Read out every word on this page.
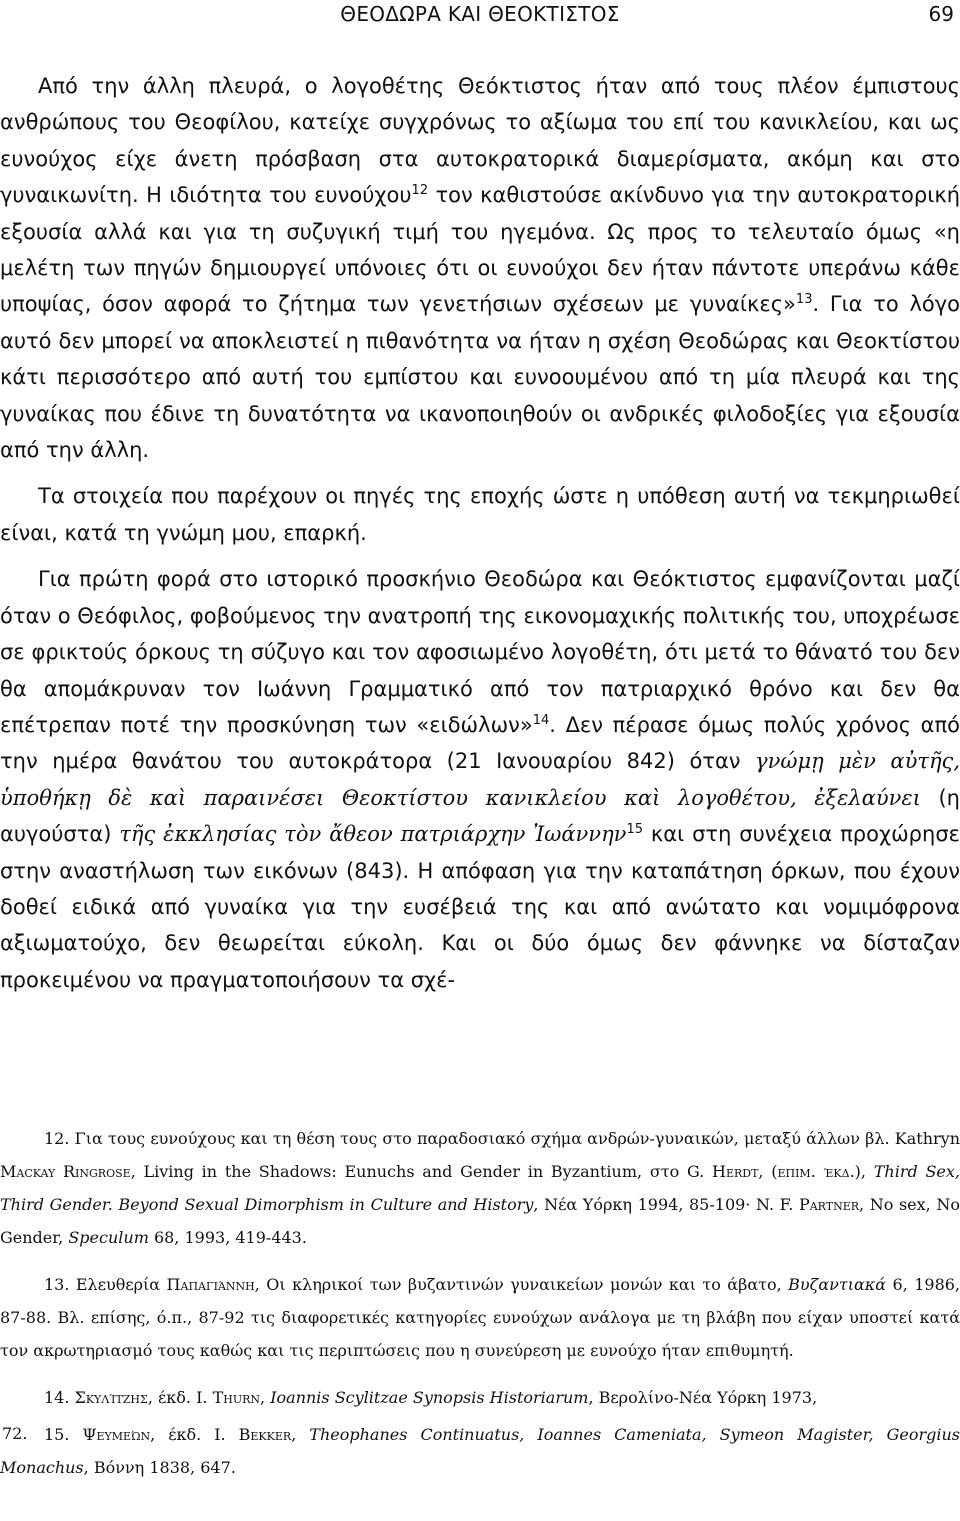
ΘΕΟΔΩΡΑ ΚΑΙ ΘΕΟΚΤΙΣΤΟΣ	69

Από την άλλη πλευρά, ο λογοθέτης Θεόκτιστος ήταν από τους πλέον έμπιστους ανθρώπους του Θεοφίλου, κατείχε συγχρόνως το αξίωμα του επί του κανικλείου, και ως ευνούχος είχε άνετη πρόσβαση στα αυτοκρατορικά διαμερίσματα, ακόμη και στο γυναικωνίτη. Η ιδιότητα του ευνούχου$^{12}$ τον καθιστούσε ακίνδυνο για την αυτοκρατορική εξουσία αλλά και για τη συζυγική τιμή του ηγεμόνα. Ως προς το τελευταίο όμως «η μελέτη των πηγών δημιουργεί υπόνοιες ότι οι ευνούχοι δεν ήταν πάντοτε υπεράνω κάθε υποψίας, όσον αφορά το ζήτημα των γενετήσιων σχέσεων με γυναίκες»$^{13}$. Για το λόγο αυτό δεν μπορεί να αποκλειστεί η πιθανότητα να ήταν η σχέση Θεοδώρας και Θεοκτίστου κάτι περισσότερο από αυτή του εμπίστου και ευνοουμένου από τη μία πλευρά και της γυναίκας που έδινε τη δυνατότητα να ικανοποιηθούν οι ανδρικές φιλοδοξίες για εξουσία από την άλλη.

Τα στοιχεία που παρέχουν οι πηγές της εποχής ώστε η υπόθεση αυτή να τεκμηριωθεί είναι, κατά τη γνώμη μου, επαρκή.

Για πρώτη φορά στο ιστορικό προσκήνιο Θεοδώρα και Θεόκτιστος εμφανίζονται μαζί όταν ο Θεόφιλος, φοβούμενος την ανατροπή της εικονομαχικής πολιτικής του, υποχρέωσε σε φρικτούς όρκους τη σύζυγο και τον αφοσιωμένο λογοθέτη, ότι μετά το θάνατό του δεν θα απομάκρυναν τον Ιωάννη Γραμματικό από τον πατριαρχικό θρόνο και δεν θα επέτρεπαν ποτέ την προσκύνηση των «ειδώλων»$^{14}$. Δεν πέρασε όμως πολύς χρόνος από την ημέρα θανάτου του αυτοκράτορα (21 Ιανουαρίου 842) όταν γνώμῃ μὲν αὐτῆς, ὑποθήκῃ δὲ καὶ παραινέσει Θεοκτίστου κανικλείου καὶ λογοθέτου, ἐξελαύνει (η αυγούστα) τῆς ἐκκλησίας τὸν ἄθεον πατριάρχην Ἰωάννην$^{15}$ και στη συνέχεια προχώρησε στην αναστήλωση των εικόνων (843). Η απόφαση για την καταπάτηση όρκων, που έχουν δοθεί ειδικά από γυναίκα για την ευσέβειά της και από ανώτατο και νομιμόφρονα αξιωματούχο, δεν θεωρείται εύκολη. Και οι δύο όμως δεν φάννηκε να δίσταζαν προκειμένου να πραγματοποιήσουν τα σχέ-

12. Για τους ευνούχους και τη θέση τους στο παραδοσιακό σχήμα ανδρών-γυναικών, μεταξύ άλλων βλ. Kathryn Mackay Ringrose, Living in the Shadows: Eunuchs and Gender in Byzantium, στο G. Herdt, (επιμ. έκδ.), Third Sex, Third Gender. Beyond Sexual Dimorphism in Culture and History, Νέα Υόρκη 1994, 85-109· N. F. Partner, No sex, No Gender, Speculum 68, 1993, 419-443.

13. Ελευθερία Παπαγιάννη, Οι κληρικοί των βυζαντινών γυναικείων μονών και το άβατο, Βυζαντιακά 6, 1986, 87-88. Βλ. επίσης, ό.π., 87-92 τις διαφορετικές κατηγορίες ευνούχων ανάλογα με τη βλάβη που είχαν υποστεί κατά τον ακρωτηριασμό τους καθώς και τις περιπτώσεις που η συνεύρεση με ευνούχο ήταν επιθυμητή.

14. Σκυλίτζης, έκδ. I. Thurn, Ioannis Scylitzae Synopsis Historiarum, Βερολίνο-Νέα Υόρκη 1973,

15. Ψευμεών, έκδ. I. Bekker, Theophanes Continuatus, Ioannes Cameniata, Symeon Magister, Georgius Monachus, Βόννη 1838, 647.

72.
